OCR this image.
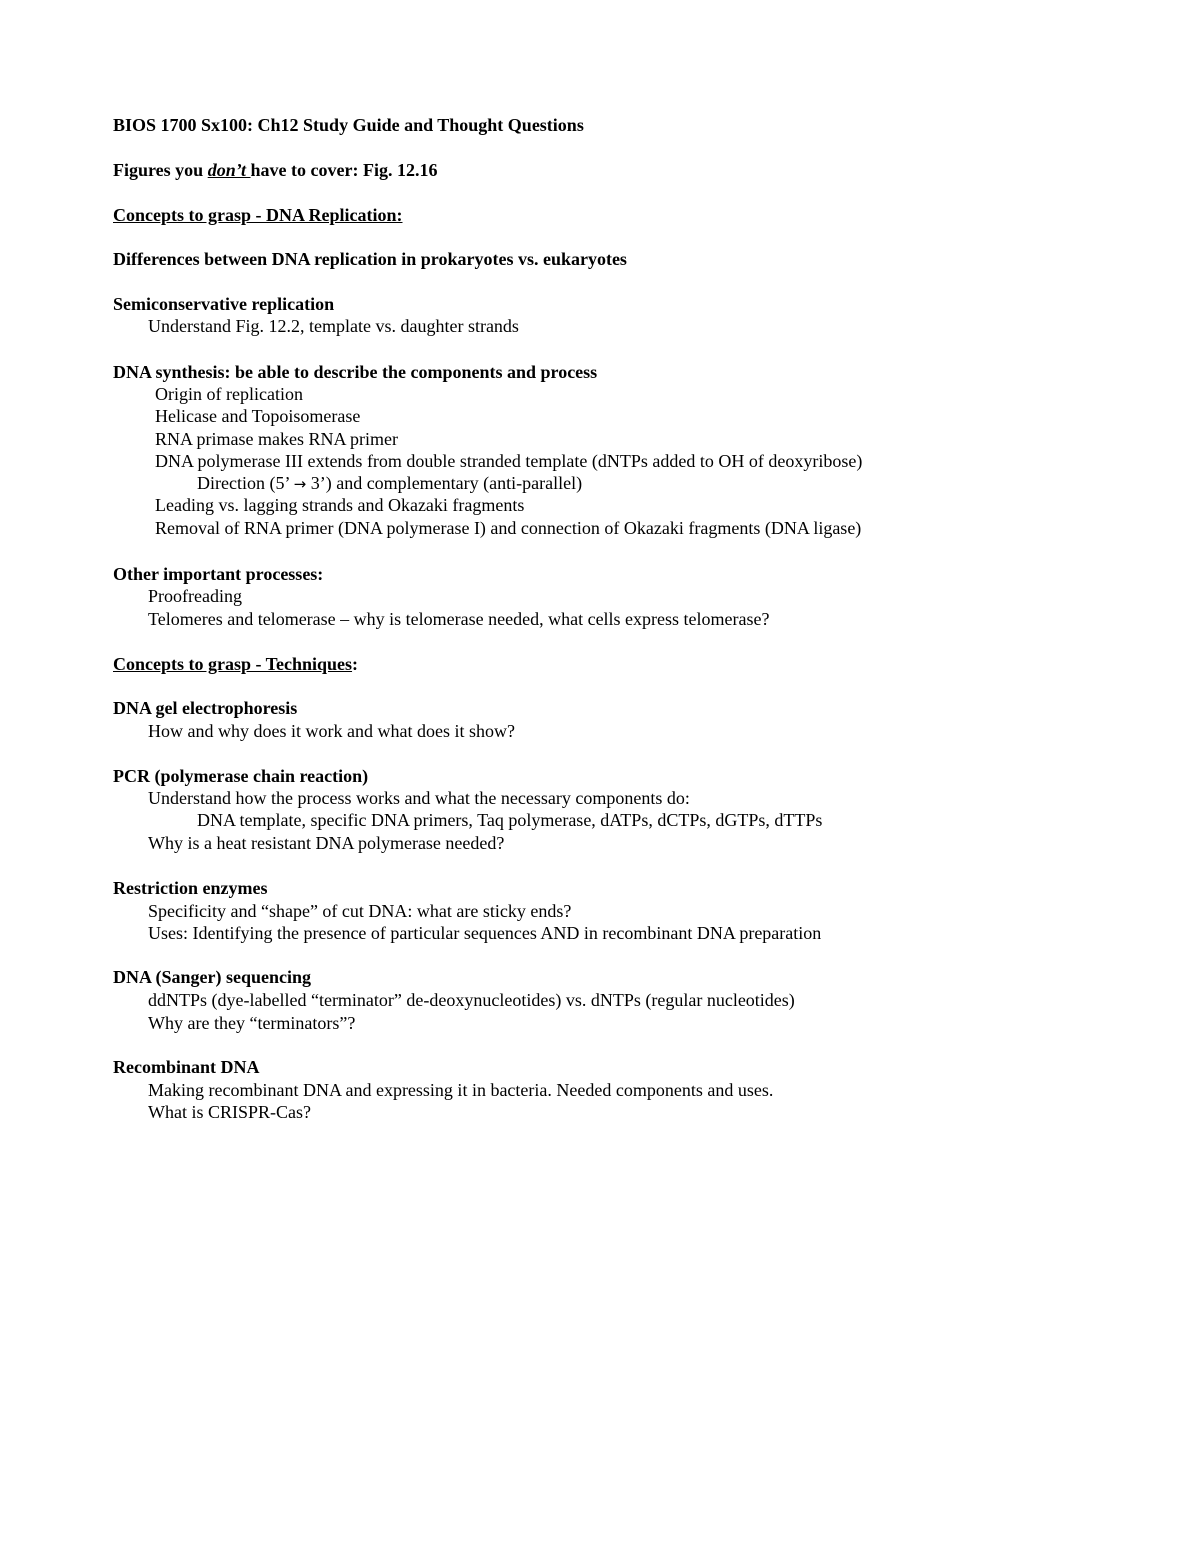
BIOS 1700 Sx100: Ch12 Study Guide and Thought Questions
Figures you don’t have to cover: Fig. 12.16
Concepts to grasp - DNA Replication:
Differences between DNA replication in prokaryotes vs. eukaryotes
Semiconservative replication
Understand Fig. 12.2, template vs. daughter strands
DNA synthesis: be able to describe the components and process
Origin of replication
Helicase and Topoisomerase
RNA primase makes RNA primer
DNA polymerase III extends from double stranded template (dNTPs added to OH of deoxyribose)
Direction (5’ → 3’) and complementary (anti-parallel)
Leading vs. lagging strands and Okazaki fragments
Removal of RNA primer (DNA polymerase I) and connection of Okazaki fragments (DNA ligase)
Other important processes:
Proofreading
Telomeres and telomerase – why is telomerase needed, what cells express telomerase?
Concepts to grasp - Techniques:
DNA gel electrophoresis
How and why does it work and what does it show?
PCR (polymerase chain reaction)
Understand how the process works and what the necessary components do:
DNA template, specific DNA primers, Taq polymerase, dATPs, dCTPs, dGTPs, dTTPs
Why is a heat resistant DNA polymerase needed?
Restriction enzymes
Specificity and “shape” of cut DNA: what are sticky ends?
Uses: Identifying the presence of particular sequences AND in recombinant DNA preparation
DNA (Sanger) sequencing
ddNTPs (dye-labelled “terminator” de-deoxynucleotides) vs. dNTPs (regular nucleotides)
Why are they “terminators”?
Recombinant DNA
Making recombinant DNA and expressing it in bacteria. Needed components and uses.
What is CRISPR-Cas?
